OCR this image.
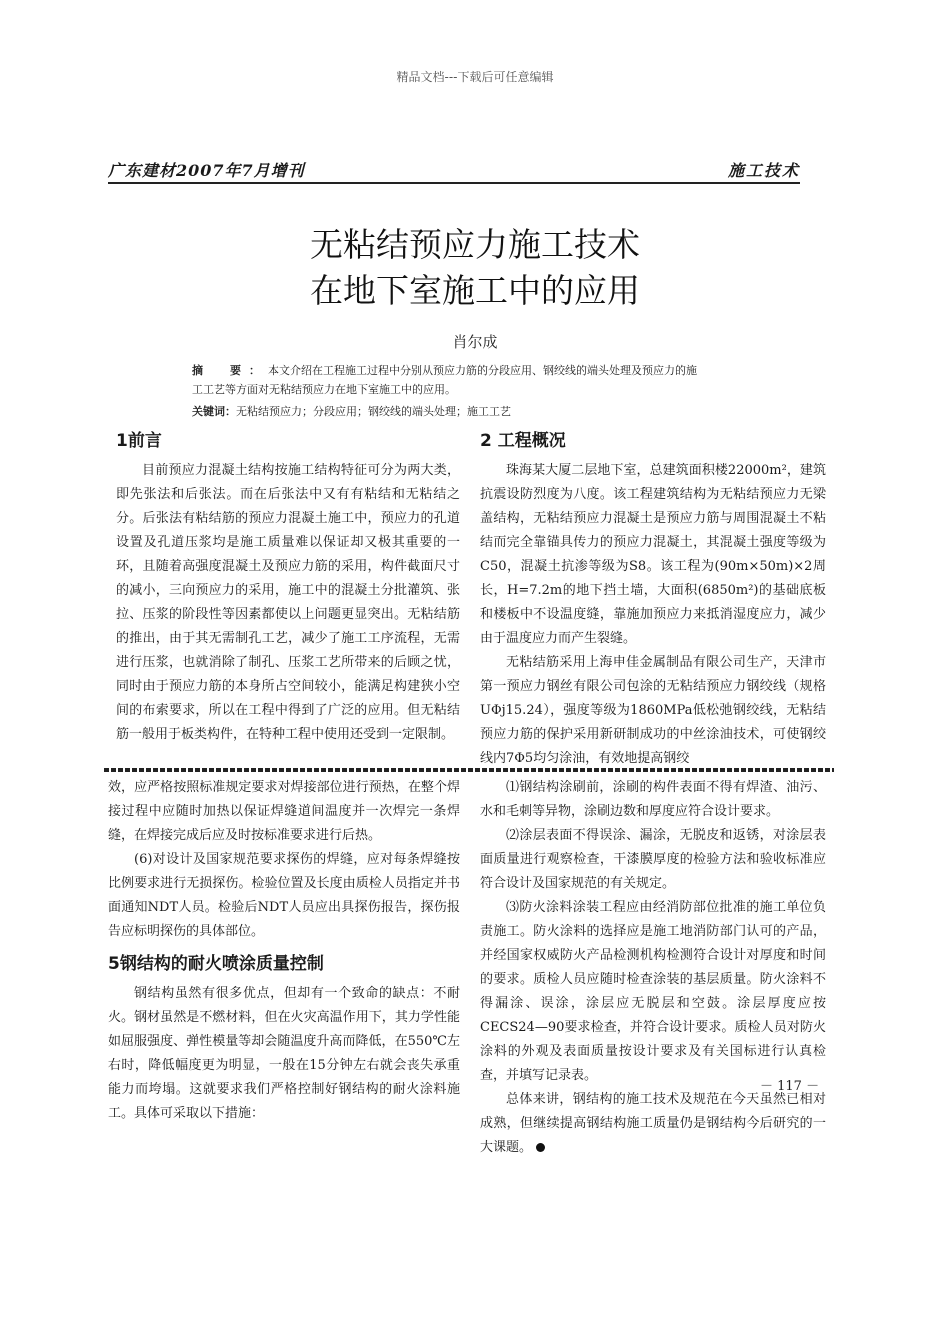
精品文档---下载后可任意编辑
广东建材2007年7月增刊	施工技术
无粘结预应力施工技术
在地下室施工中的应用
肖尔成
摘　要：本文介绍在工程施工过程中分别从预应力筋的分段应用、钢绞线的端头处理及预应力的施
工工艺等方面对无粘结预应力在地下室施工中的应用。
关键词：无粘结预应力；分段应用；钢绞线的端头处理；施工工艺
1前言

目前预应力混凝土结构按施工结构特征可分为两大类，即先张法和后张法。而在后张法中又有有粘结和无粘结之分。后张法有粘结筋的预应力混凝土施工中，预应力的孔道设置及孔道压浆均是施工质量难以保证却又极其重要的一环，且随着高强度混凝土及预应力筋的采用，构件截面尺寸的减小，三向预应力的采用，施工中的混凝土分批灌筑、张拉、压浆的阶段性等因素都使以上问题更显突出。无粘结筋的推出，由于其无需制孔工艺，减少了施工工序流程，无需进行压浆，也就消除了制孔、压浆工艺所带来的后顾之忧，同时由于预应力筋的本身所占空间较小，能满足构建狭小空间的布索要求，所以在工程中得到了广泛的应用。但无粘结筋一般用于板类构件，在特种工程中使用还受到一定限制。

2 工程概况

珠海某大厦二层地下室，总建筑面积楼22000m²，建筑抗震设防烈度为八度。该工程建筑结构为无粘结预应力无梁盖结构，无粘结预应力混凝土是预应力筋与周围混凝土不粘结而完全靠锚具传力的预应力混凝土，其混凝土强度等级为C50，混凝土抗渗等级为S8。该工程为(90m×50m)×2周长，H=7.2m的地下挡土墙，大面积(6850m²)的基础底板和楼板中不设温度缝，靠施加预应力来抵消湿度应力，减少由于温度应力而产生裂缝。

无粘结筋采用上海申佳金属制品有限公司生产，天津市第一预应力钢丝有限公司包涂的无粘结预应力钢绞线（规格UΦj15.24），强度等级为1860MPa低松弛钢绞线，无粘结预应力筋的保护采用新研制成功的中丝涂油技术，可使钢绞线内7Φ5均匀涂油，有效地提高钢绞

效，应严格按照标准规定要求对焊接部位进行预热，在整个焊接过程中应随时加热以保证焊缝道间温度并一次焊完一条焊缝，在焊接完成后应及时按标准要求进行后热。

(6)对设计及国家规范要求探伤的焊缝，应对每条焊缝按比例要求进行无损探伤。检验位置及长度由质检人员指定并书面通知NDT人员。检验后NDT人员应出具探伤报告，探伤报告应标明探伤的具体部位。

5钢结构的耐火喷涂质量控制

钢结构虽然有很多优点，但却有一个致命的缺点：不耐火。钢材虽然是不燃材料，但在火灾高温作用下，其力学性能如屈服强度、弹性模量等却会随温度升高而降低，在550℃左右时，降低幅度更为明显，一般在15分钟左右就会丧失承重能力而垮塌。这就要求我们严格控制好钢结构的耐火涂料施工。具体可采取以下措施：

⑴钢结构涂刷前，涂刷的构件表面不得有焊渣、油污、水和毛刺等异物，涂刷边数和厚度应符合设计要求。

⑵涂层表面不得误涂、漏涂，无脱皮和返锈，对涂层表面质量进行观察检查，干漆膜厚度的检验方法和验收标准应符合设计及国家规范的有关规定。

⑶防火涂料涂装工程应由经消防部位批准的施工单位负责施工。防火涂料的选择应是施工地消防部门认可的产品，并经国家权威防火产品检测机构检测符合设计对厚度和时间的要求。质检人员应随时检查涂装的基层质量。防火涂料不得漏涂、误涂，涂层应无脱层和空鼓。涂层厚度应按CECS24—90要求检查，并符合设计要求。质检人员对防火涂料的外观及表面质量按设计要求及有关国标进行认真检查，并填写记录表。

总体来讲，钢结构的施工技术及规范在今天虽然已相对成熟，但继续提高钢结构施工质量仍是钢结构今后研究的一大课题。

－ 117 －
